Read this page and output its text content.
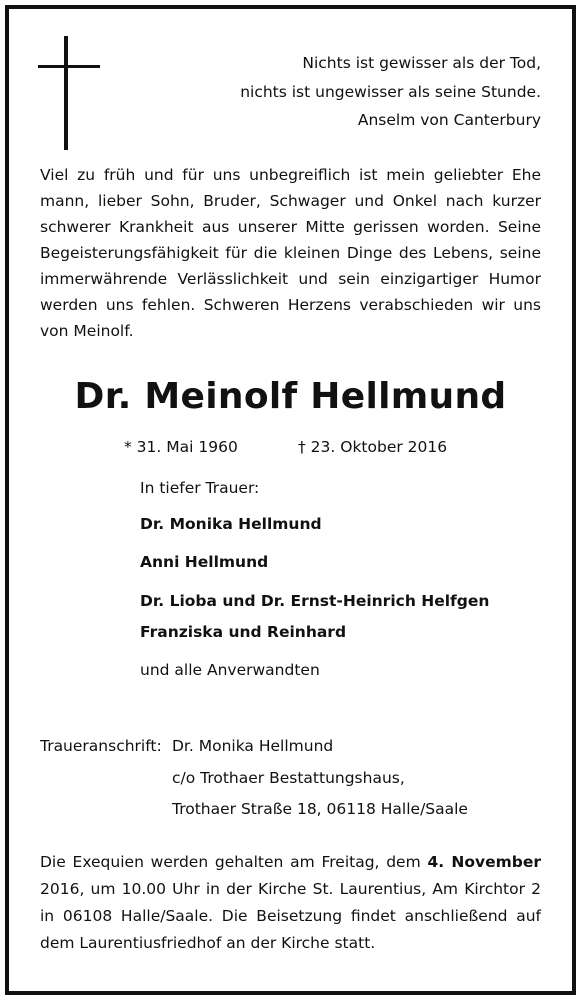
Nichts ist gewisser als der Tod,
nichts ist ungewisser als seine Stunde.
Anselm von Canterbury
Viel zu früh und für uns unbegreiflich ist mein geliebter Ehe mann, lieber Sohn, Bruder, Schwager und Onkel nach kurzer schwerer Krankheit aus unserer Mitte gerissen worden. Seine Begeisterungsfähigkeit für die kleinen Dinge des Lebens, seine immerwährende Verlässlichkeit und sein einzigartiger Humor werden uns fehlen. Schweren Herzens verabschieden wir uns von Meinolf.
Dr. Meinolf Hellmund
* 31. Mai 1960	† 23. Oktober 2016
In tiefer Trauer:
Dr. Monika Hellmund
Anni Hellmund
Dr. Lioba und Dr. Ernst-Heinrich Helfgen
Franziska und Reinhard
und alle Anverwandten
Traueranschrift: Dr. Monika Hellmund
c/o Trothaer Bestattungshaus,
Trothaer Straße 18, 06118 Halle/Saale
Die Exequien werden gehalten am Freitag, dem 4. November 2016, um 10.00 Uhr in der Kirche St. Laurentius, Am Kirchtor 2 in 06108 Halle/Saale. Die Beisetzung findet anschließend auf dem Laurentiusfriedhof an der Kirche statt.
